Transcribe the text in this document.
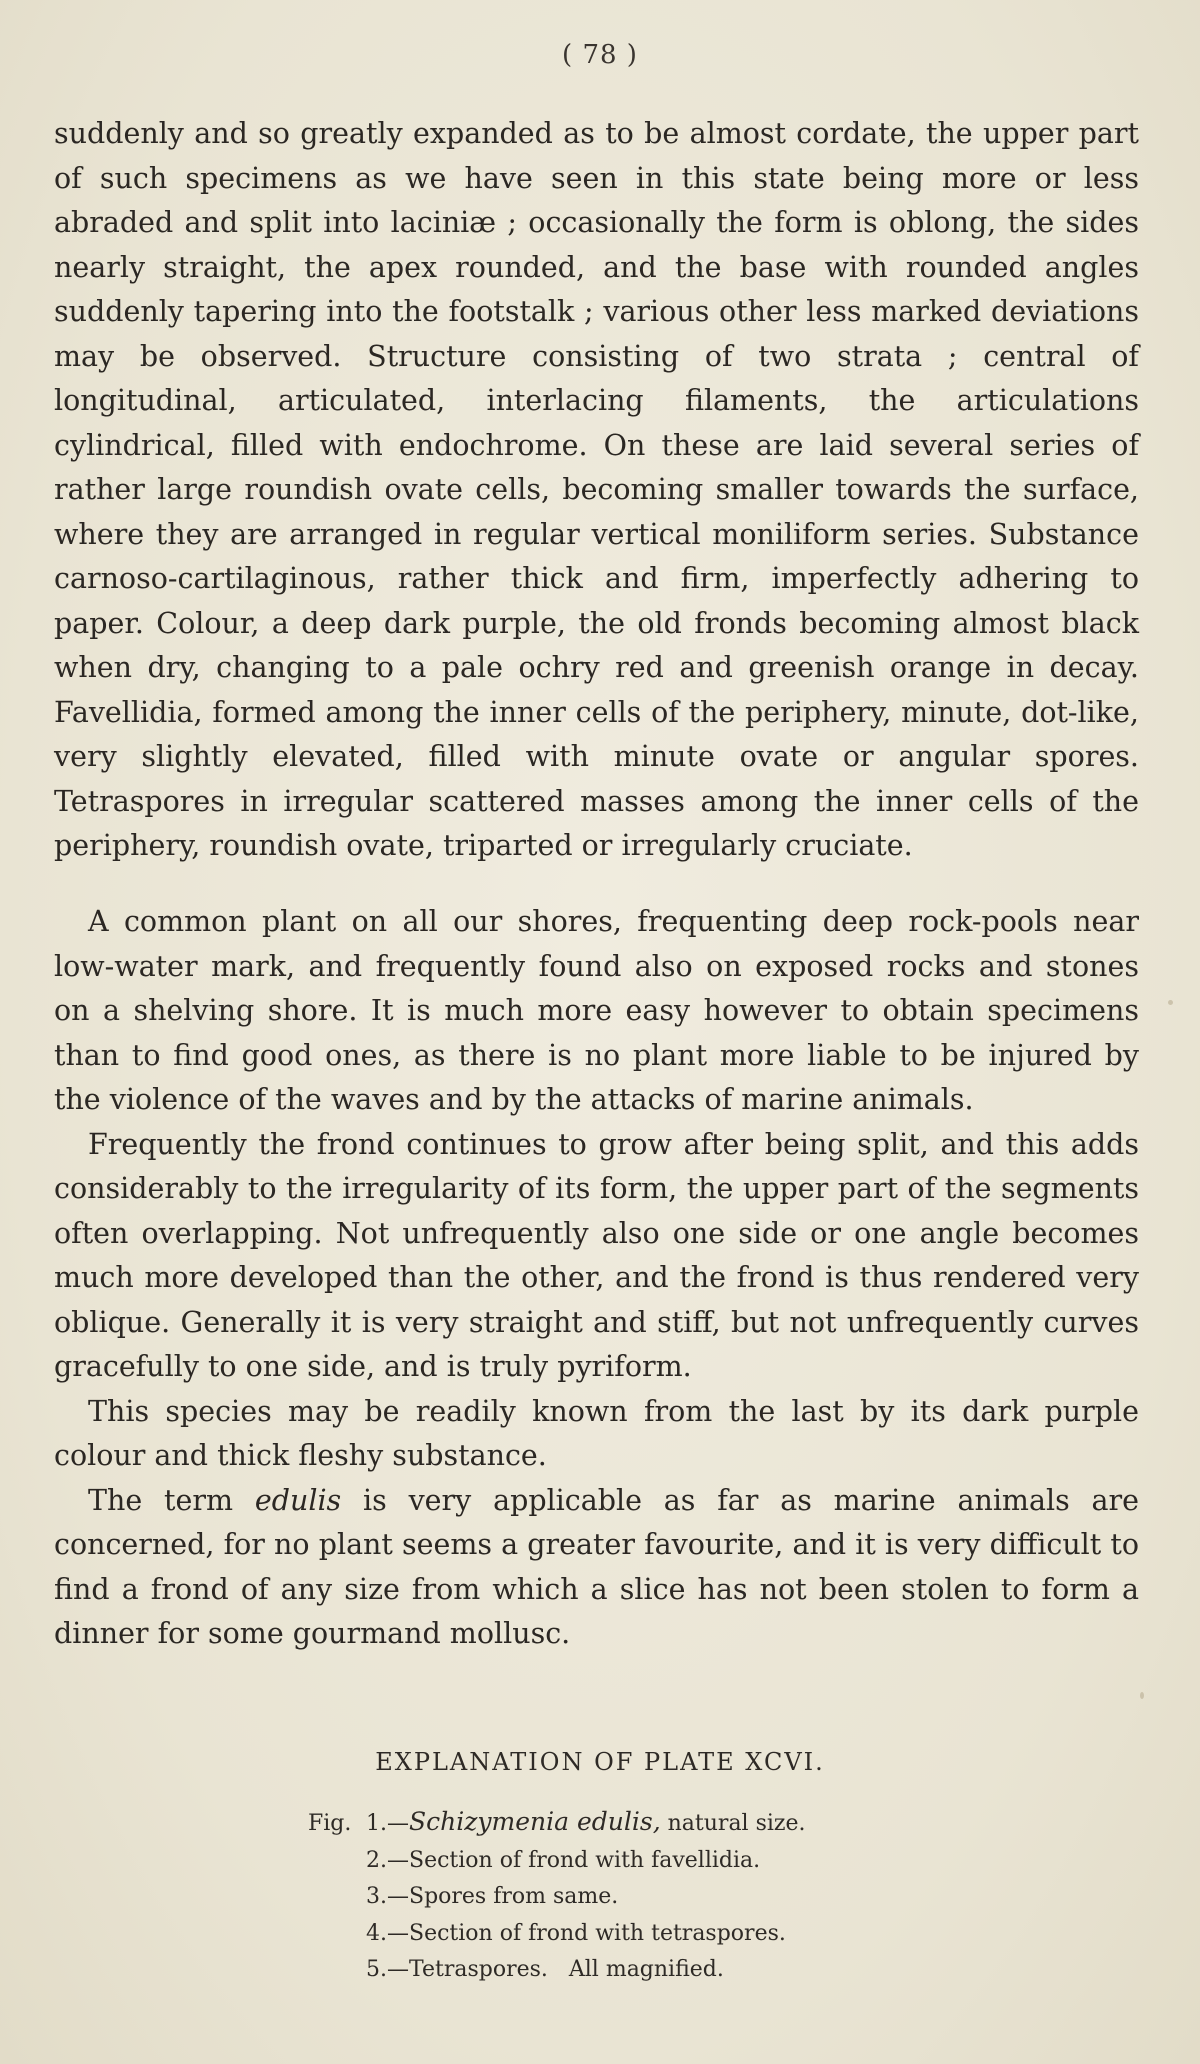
( 78 )

suddenly and so greatly expanded as to be almost cordate, the upper part of such specimens as we have seen in this state being more or less abraded and split into laciniæ ; occasionally the form is oblong, the sides nearly straight, the apex rounded, and the base with rounded angles suddenly tapering into the footstalk ; various other less marked deviations may be observed. Structure consisting of two strata ; central of longitudinal, articulated, interlacing filaments, the articulations cylindrical, filled with endochrome. On these are laid several series of rather large roundish ovate cells, becoming smaller towards the surface, where they are arranged in regular vertical moniliform series. Substance carnoso-cartilaginous, rather thick and firm, imperfectly adhering to paper. Colour, a deep dark purple, the old fronds becoming almost black when dry, changing to a pale ochry red and greenish orange in decay. Favellidia, formed among the inner cells of the periphery, minute, dot-like, very slightly elevated, filled with minute ovate or angular spores. Tetraspores in irregular scattered masses among the inner cells of the periphery, roundish ovate, triparted or irregularly cruciate.

A common plant on all our shores, frequenting deep rock-pools near low-water mark, and frequently found also on exposed rocks and stones on a shelving shore. It is much more easy however to obtain specimens than to find good ones, as there is no plant more liable to be injured by the violence of the waves and by the attacks of marine animals.

Frequently the frond continues to grow after being split, and this adds considerably to the irregularity of its form, the upper part of the segments often overlapping. Not unfrequently also one side or one angle becomes much more developed than the other, and the frond is thus rendered very oblique. Generally it is very straight and stiff, but not unfrequently curves gracefully to one side, and is truly pyriform.

This species may be readily known from the last by its dark purple colour and thick fleshy substance.

The term edulis is very applicable as far as marine animals are concerned, for no plant seems a greater favourite, and it is very difficult to find a frond of any size from which a slice has not been stolen to form a dinner for some gourmand mollusc.

EXPLANATION OF PLATE XCVI.
Fig. 1.—Schizymenia edulis, natural size.
2.—Section of frond with favellidia.
3.—Spores from same.
4.—Section of frond with tetraspores.
5.—Tetraspores.   All magnified.
